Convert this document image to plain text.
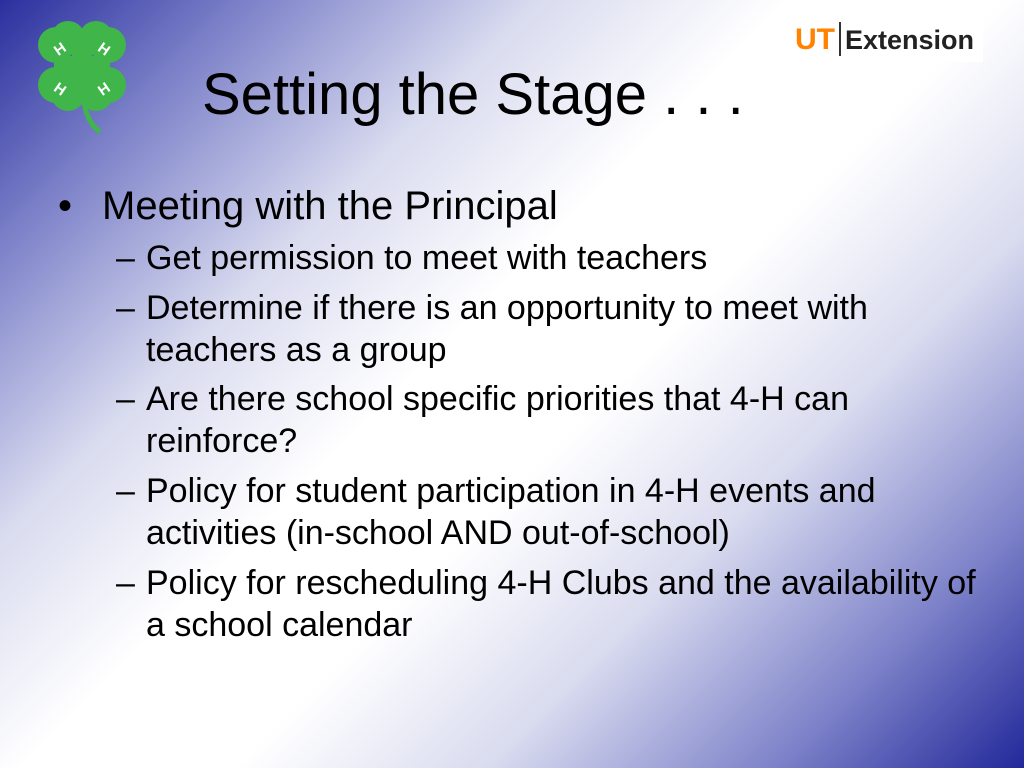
H H
H H
UT Extension
Setting the Stage . . .
• Meeting with the Principal
– Get permission to meet with teachers
– Determine if there is an opportunity to meet with teachers as a group
– Are there school specific priorities that 4-H can reinforce?
– Policy for student participation in 4-H events and activities (in-school AND out-of-school)
– Policy for rescheduling 4-H Clubs and the availability of a school calendar
